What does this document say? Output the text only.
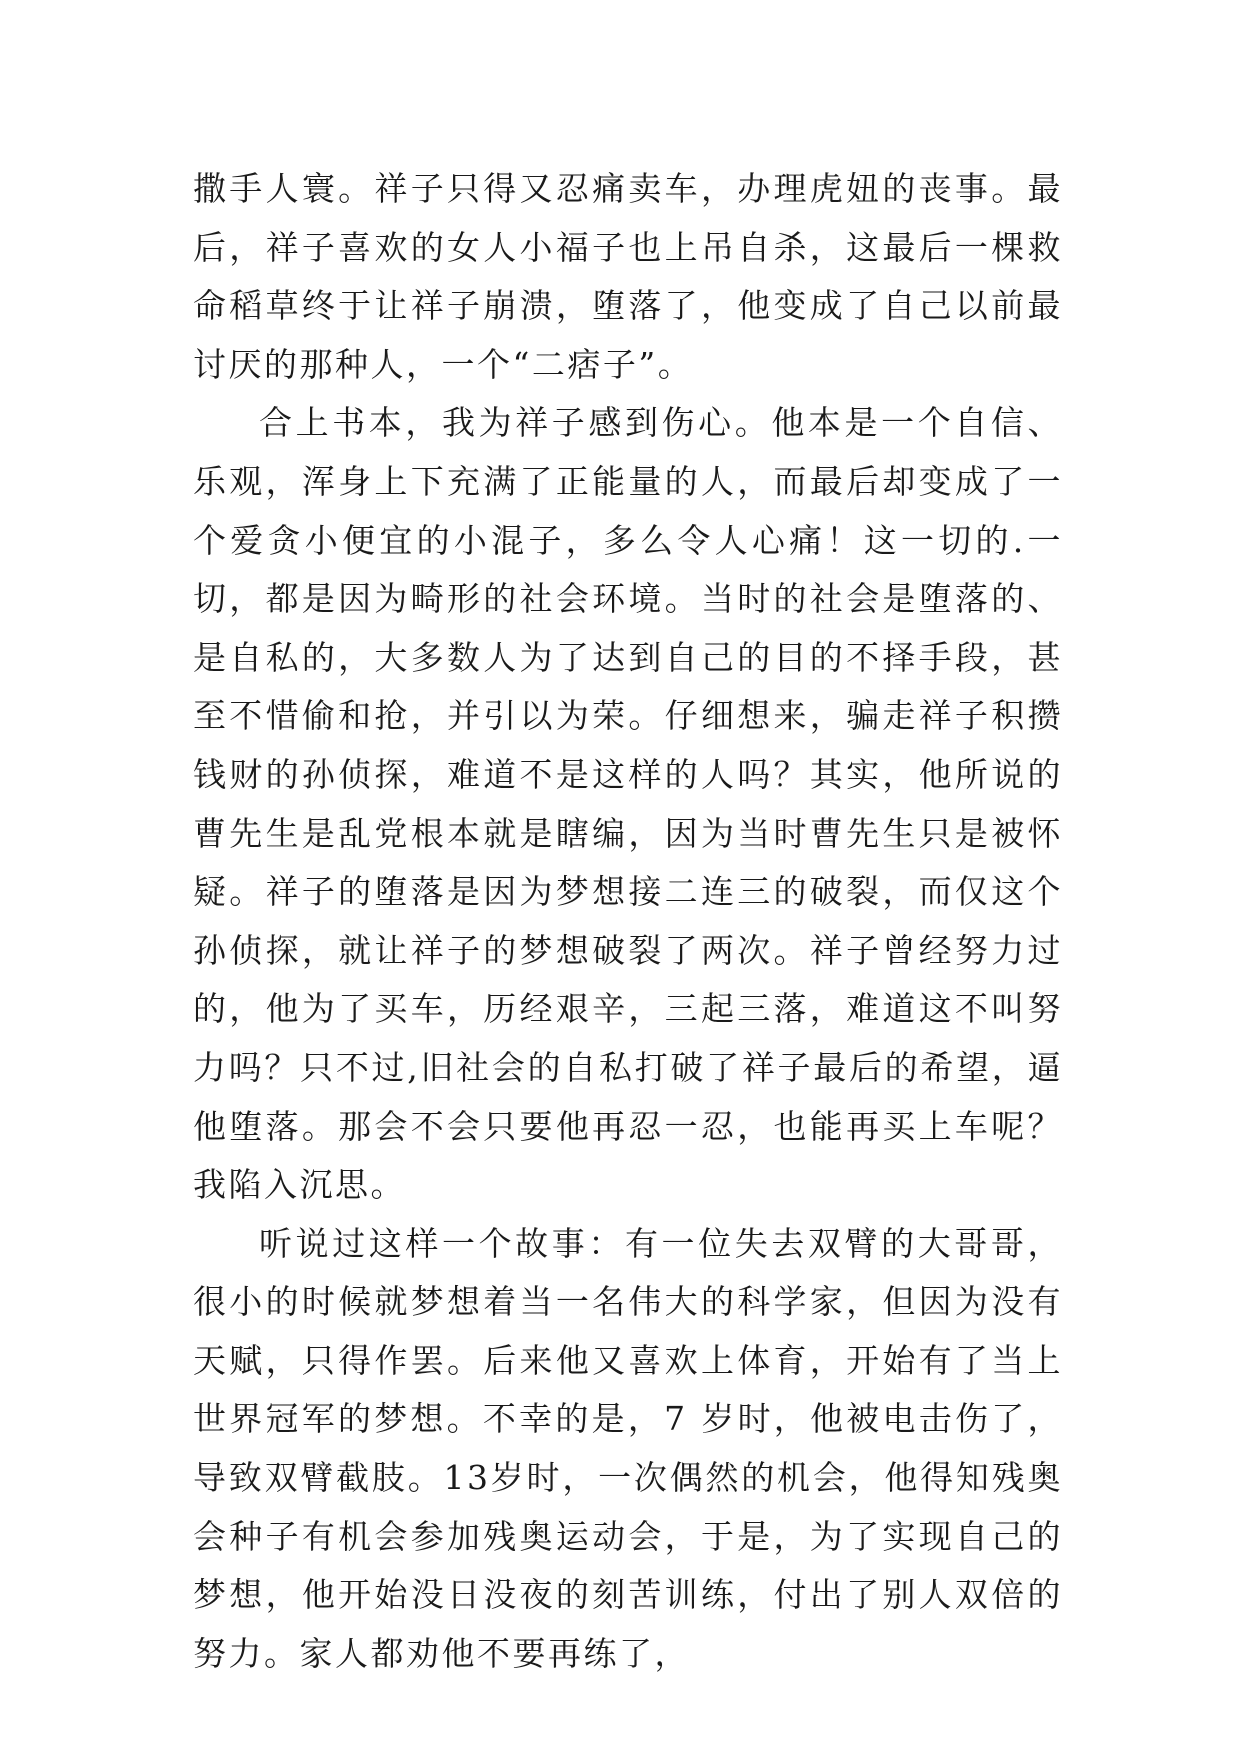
撒手人寰。祥子只得又忍痛卖车，办理虎妞的丧事。最后，祥子喜欢的女人小福子也上吊自杀，这最后一棵救命稻草终于让祥子崩溃，堕落了，他变成了自己以前最讨厌的那种人，一个“二痞子”。

合上书本，我为祥子感到伤心。他本是一个自信、乐观，浑身上下充满了正能量的人，而最后却变成了一个爱贪小便宜的小混子，多么令人心痛！这一切的.一切，都是因为畸形的社会环境。当时的社会是堕落的、是自私的，大多数人为了达到自己的目的不择手段，甚至不惜偷和抢，并引以为荣。仔细想来，骗走祥子积攒钱财的孙侦探，难道不是这样的人吗？其实，他所说的曹先生是乱党根本就是瞎编，因为当时曹先生只是被怀疑。祥子的堕落是因为梦想接二连三的破裂，而仅这个孙侦探，就让祥子的梦想破裂了两次。祥子曾经努力过的，他为了买车，历经艰辛，三起三落，难道这不叫努力吗？只不过,旧社会的自私打破了祥子最后的希望，逼他堕落。那会不会只要他再忍一忍，也能再买上车呢？我陷入沉思。

听说过这样一个故事：有一位失去双臂的大哥哥，很小的时候就梦想着当一名伟大的科学家，但因为没有天赋，只得作罢。后来他又喜欢上体育，开始有了当上世界冠军的梦想。不幸的是，7 岁时，他被电击伤了，导致双臂截肢。13岁时，一次偶然的机会，他得知残奥会种子有机会参加残奥运动会，于是，为了实现自己的梦想，他开始没日没夜的刻苦训练，付出了别人双倍的努力。家人都劝他不要再练了，
